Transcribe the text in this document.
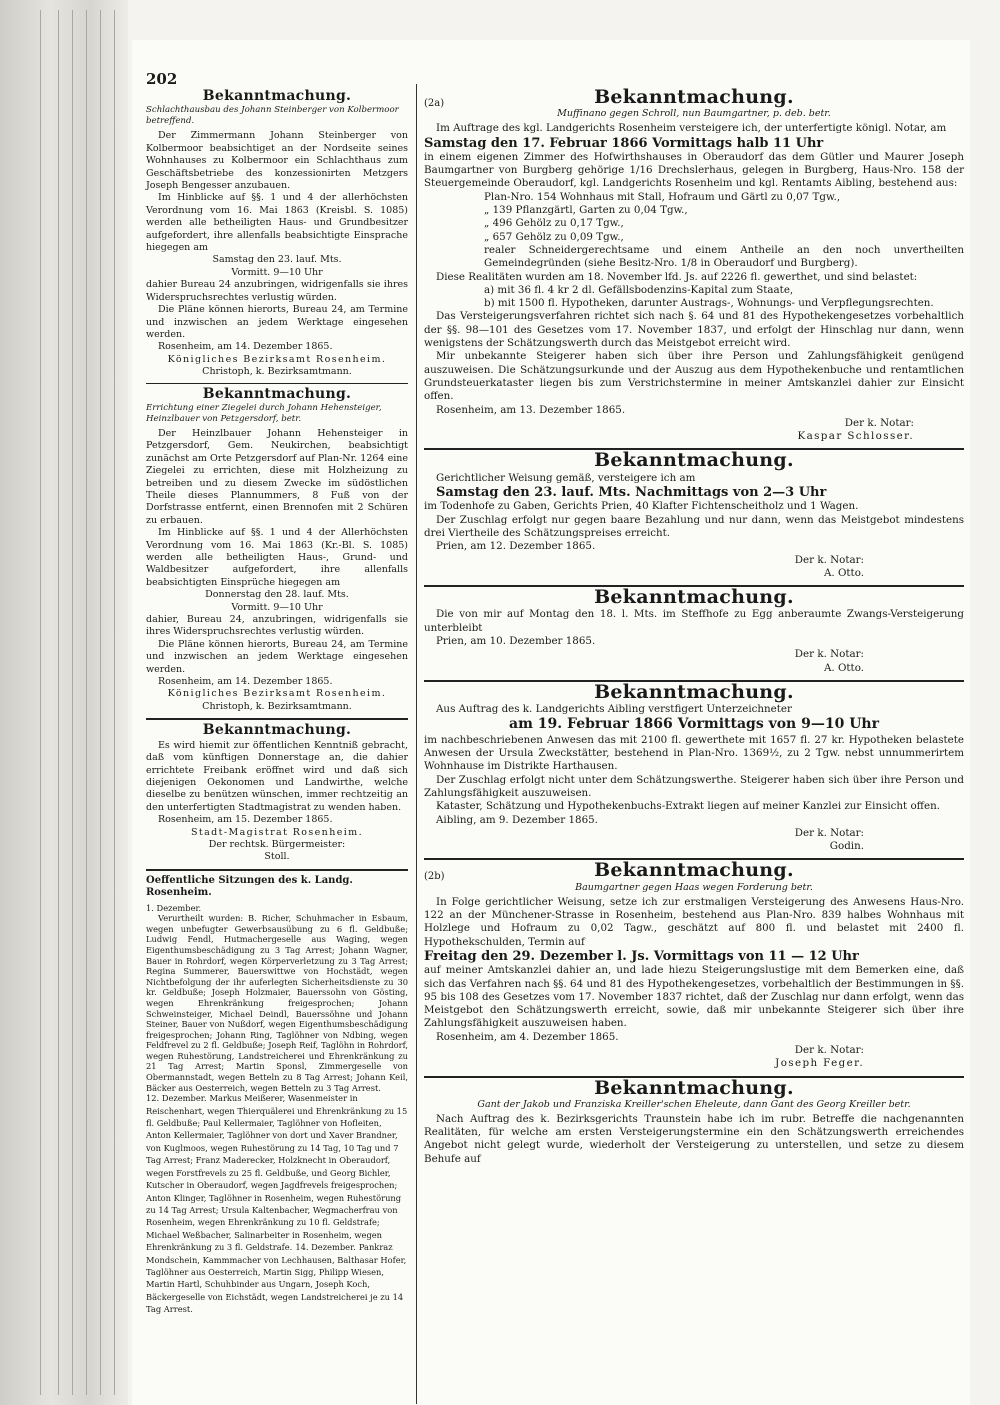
202
Bekanntmachung.
Schlachthausbau des Johann Steinberger von Kolbermoor betreffend.

Der Zimmermann Johann Steinberger von Kolbermoor beabsichtiget an der Nordseite seines Wohnhauses zu Kolbermoor ein Schlachthaus zum Geschäftsbetriebe des konzessionirten Metzgers Joseph Bengesser anzubauen.

Im Hinblicke auf §§. 1 und 4 der allerhöchsten Verordnung vom 16. Mai 1863 (Kreisbl. S. 1085) werden alle betheiligten Haus- und Grundbesitzer aufgefordert, ihre allenfalls beabsichtigte Einsprache hiegegen am

Samstag den 23. lauf. Mts.

Vormitt. 9—10 Uhr

dahier Bureau 24 anzubringen, widrigenfalls sie ihres Widerspruchsrechtes verlustig würden.

Die Pläne können hierorts, Bureau 24, am Termine und inzwischen an jedem Werktage eingesehen werden.

Rosenheim, am 14. Dezember 1865.

Königliches Bezirksamt Rosenheim.

Christoph, k. Bezirksamtmann.

Bekanntmachung.
Errichtung einer Ziegelei durch Johann Hehensteiger, Heinzlbauer von Petzgersdorf, betr.

Der Heinzlbauer Johann Hehensteiger in Petzgersdorf, Gem. Neukirchen, beabsichtigt zunächst am Orte Petzgersdorf auf Plan-Nr. 1264 eine Ziegelei zu errichten, diese mit Holzheizung zu betreiben und zu diesem Zwecke im südöstlichen Theile dieses Plannummers, 8 Fuß von der Dorfstrasse entfernt, einen Brennofen mit 2 Schüren zu erbauen.

Im Hinblicke auf §§. 1 und 4 der Allerhöchsten Verordnung vom 16. Mai 1863 (Kr.-Bl. S. 1085) werden alle betheiligten Haus-, Grund- und Waldbesitzer aufgefordert, ihre allenfalls beabsichtigten Einsprüche hiegegen am

Donnerstag den 28. lauf. Mts.

Vormitt. 9—10 Uhr

dahier, Bureau 24, anzubringen, widrigenfalls sie ihres Widerspruchsrechtes verlustig würden.

Die Pläne können hierorts, Bureau 24, am Termine und inzwischen an jedem Werktage eingesehen werden.

Rosenheim, am 14. Dezember 1865.

Königliches Bezirksamt Rosenheim.

Christoph, k. Bezirksamtmann.

Bekanntmachung.

Es wird hiemit zur öffentlichen Kenntniß gebracht, daß vom künftigen Donnerstage an, die dahier errichtete Freibank eröffnet wird und daß sich diejenigen Oekonomen und Landwirthe, welche dieselbe zu benützen wünschen, immer rechtzeitig an den unterfertigten Stadtmagistrat zu wenden haben.

Rosenheim, am 15. Dezember 1865.

Stadt-Magistrat Rosenheim.

Der rechtsk. Bürgermeister:

Stoll.

Oeffentliche Sitzungen des k. Landg. Rosenheim.

1. Dezember.

Verurtheilt wurden: B. Richer, Schuhmacher in Esbaum, wegen unbefugter Gewerbsausübung zu 6 fl. Geldbuße; Ludwig Fendl, Hutmachergeselle aus Waging, wegen Eigenthumsbeschädigung zu 3 Tag Arrest; Johann Wagner, Bauer in Rohrdorf, wegen Körperverletzung zu 3 Tag Arrest; Regina Summerer, Bauerswittwe von Hochstädt, wegen Nichtbefolgung der ihr auferlegten Sicherheitsdienste zu 30 kr. Geldbuße; Joseph Holzmaier, Bauerssohn von Gösting, wegen Ehrenkränkung freigesprochen; Johann Schweinsteiger, Michael Deindl, Bauerssöhne und Johann Steiner, Bauer von Nußdorf, wegen Eigenthumsbeschädigung freigesprochen; Johann Ring, Taglöhner von Ndbing, wegen Feldfrevel zu 2 fl. Geldbuße; Joseph Reif, Taglöhn in Rohrdorf, wegen Ruhestörung, Landstreicherei und Ehrenkränkung zu 21 Tag Arrest; Martin Sponsl, Zimmergeselle von Obermannstadt, wegen Betteln zu 8 Tag Arrest; Johann Keil, Bäcker aus Oesterreich, wegen Betteln zu 3 Tag Arrest.

12. Dezember.

Markus Meißerer, Wasenmeister in Reischenhart, wegen Thierquälerei und Ehrenkränkung zu 15 fl. Geldbuße; Paul Kellermaier, Taglöhner von Hofleiten, Anton Kellermaier, Taglöhner von dort und Xaver Brandner, von Kuglmoos, wegen Ruhestörung zu 14 Tag, 10 Tag und 7 Tag Arrest; Franz Maderecker, Holzknecht in Oberaudorf, wegen Forstfrevels zu 25 fl. Geldbuße, und Georg Bichler, Kutscher in Oberaudorf, wegen Jagdfrevels freigesprochen; Anton Klinger, Taglöhner in Rosenheim, wegen Ruhestörung zu 14 Tag Arrest; Ursula Kaltenbacher, Wegmacherfrau von Rosenheim, wegen Ehrenkränkung zu 10 fl. Geldstrafe; Michael Weßbacher, Salinarbeiter in Rosenheim, wegen Ehrenkränkung zu 3 fl. Geldstrafe.

14. Dezember.

Pankraz Mondschein, Kammmacher von Lechhausen, Balthasar Hofer, Taglöhner aus Oesterreich, Martin Sigg, Philipp Wiesen, Martin Hartl, Schuhbinder aus Ungarn, Joseph Koch, Bäckergeselle von Eichstädt, wegen Landstreicherei je zu 14 Tag Arrest.

(2a)	Bekanntmachung.
Muffinano gegen Schroll, nun Baumgartner, p. deb. betr.

Im Auftrage des kgl. Landgerichts Rosenheim versteigere ich, der unterfertigte königl. Notar, am

Samstag den 17. Februar 1866 Vormittags halb 11 Uhr

in einem eigenen Zimmer des Hofwirthshauses in Oberaudorf das dem Gütler und Maurer Joseph Baumgartner von Burgberg gehörige 1/16 Drechslerhaus, gelegen in Burgberg, Haus-Nro. 158 der Steuergemeinde Oberaudorf, kgl. Landgerichts Rosenheim und kgl. Rentamts Aibling, bestehend aus:

Plan-Nro. 154 Wohnhaus mit Stall, Hofraum und Gärtl zu 0,07 Tgw.,
„ 139 Pflanzgärtl, Garten zu 0,04 Tgw.,
„ 496 Gehölz zu 0,17 Tgw.,
„ 657 Gehölz zu 0,09 Tgw.,

realer Schneidergerechtsame und einem Antheile an den noch unvertheilten Gemeindegründen (siehe Besitz-Nro. 1/8 in Oberaudorf und Burgberg).

Diese Realitäten wurden am 18. November lfd. Js. auf 2226 fl. gewerthet, und sind belastet:

a) mit 36 fl. 4 kr 2 dl. Gefällsbodenzins-Kapital zum Staate,

b) mit 1500 fl. Hypotheken, darunter Austrags-, Wohnungs- und Verpflegungsrechten.

Das Versteigerungsverfahren richtet sich nach §. 64 und 81 des Hypothekengesetzes vorbehaltlich der §§. 98—101 des Gesetzes vom 17. November 1837, und erfolgt der Hinschlag nur dann, wenn wenigstens der Schätzungswerth durch das Meistgebot erreicht wird.

Mir unbekannte Steigerer haben sich über ihre Person und Zahlungsfähigkeit genügend auszuweisen. Die Schätzungsurkunde und der Auszug aus dem Hypothekenbuche und rentamtlichen Grundsteuerkataster liegen bis zum Verstrichstermine in meiner Amtskanzlei dahier zur Einsicht offen.

Rosenheim, am 13. Dezember 1865.

Der k. Notar:

Kaspar Schlosser.

Bekanntmachung.

Gerichtlicher Weisung gemäß, versteigere ich am

Samstag den 23. lauf. Mts. Nachmittags von 2—3 Uhr

im Todenhofe zu Gaben, Gerichts Prien, 40 Klafter Fichtenscheitholz und 1 Wagen.

Der Zuschlag erfolgt nur gegen baare Bezahlung und nur dann, wenn das Meistgebot mindestens drei Viertheile des Schätzungspreises erreicht.

Prien, am 12. Dezember 1865.

Der k. Notar:

A. Otto.

Bekanntmachung.

Die von mir auf Montag den 18. l. Mts. im Steffhofe zu Egg anberaumte Zwangs-Versteigerung unterbleibt

Prien, am 10. Dezember 1865.

Der k. Notar:

A. Otto.

Bekanntmachung.

Aus Auftrag des k. Landgerichts Aibling verstfigert Unterzeichneter

am 19. Februar 1866 Vormittags von 9—10 Uhr

im nachbeschriebenen Anwesen das mit 2100 fl. gewerthete mit 1657 fl. 27 kr. Hypotheken belastete Anwesen der Ursula Zweckstätter, bestehend in Plan-Nro. 1369½, zu 2 Tgw. nebst unnummerirtem Wohnhause im Distrikte Harthausen.

Der Zuschlag erfolgt nicht unter dem Schätzungswerthe. Steigerer haben sich über ihre Person und Zahlungsfähigkeit auszuweisen.

Kataster, Schätzung und Hypothekenbuchs-Extrakt liegen auf meiner Kanzlei zur Einsicht offen.

Aibling, am 9. Dezember 1865.

Der k. Notar:

Godin.

(2b)	Bekanntmachung.
Baumgartner gegen Haas wegen Forderung betr.

In Folge gerichtlicher Weisung, setze ich zur erstmaligen Versteigerung des Anwesens Haus-Nro. 122 an der Münchener-Strasse in Rosenheim, bestehend aus Plan-Nro. 839 halbes Wohnhaus mit Holzlege und Hofraum zu 0,02 Tagw., geschätzt auf 800 fl. und belastet mit 2400 fl. Hypothekschulden, Termin auf

Freitag den 29. Dezember l. Js. Vormittags von 11 — 12 Uhr

auf meiner Amtskanzlei dahier an, und lade hiezu Steigerungslustige mit dem Bemerken eine, daß sich das Verfahren nach §§. 64 und 81 des Hypothekengesetzes, vorbehaltlich der Bestimmungen in §§. 95 bis 108 des Gesetzes vom 17. November 1837 richtet, daß der Zuschlag nur dann erfolgt, wenn das Meistgebot den Schätzungswerth erreicht, sowie, daß mir unbekannte Steigerer sich über ihre Zahlungsfähigkeit auszuweisen haben.

Rosenheim, am 4. Dezember 1865.

Der k. Notar:

Joseph Feger.

Bekanntmachung.
Gant der Jakob und Franziska Kreiller'schen Eheleute, dann Gant des Georg Kreiller betr.

Nach Auftrag des k. Bezirksgerichts Traunstein habe ich im rubr. Betreffe die nachgenannten Realitäten, für welche am ersten Versteigerungstermine ein den Schätzungswerth erreichendes Angebot nicht gelegt wurde, wiederholt der Versteigerung zu unterstellen, und setze zu diesem Behufe auf
